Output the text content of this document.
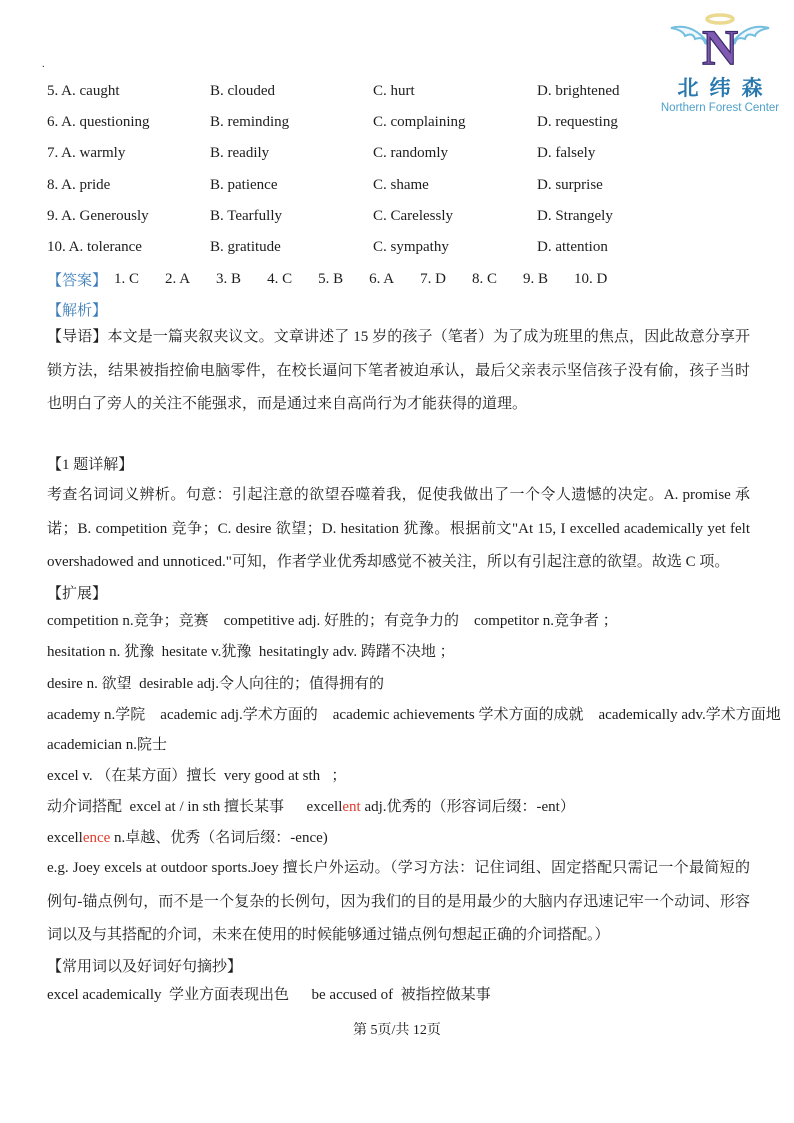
.	N
北纬森
Northern Forest Center
5. A. caught	B. clouded	C. hurt	D. brightened
6. A. questioning	B. reminding	C. complaining	D. requesting
7. A. warmly	B. readily	C. randomly	D. falsely
8. A. pride	B. patience	C. shame	D. surprise
9. A. Generously	B. Tearfully	C. Carelessly	D. Strangely
10. A. tolerance	B. gratitude	C. sympathy	D. attention
【答案】 1. C 2. A 3. B 4. C 5. B 6. A 7. D 8. C 9. B 10. D
【解析】
【导语】本文是一篇夹叙夹议文。文章讲述了 15 岁的孩子（笔者）为了成为班里的焦点，因此故意分享开锁方法，结果被指控偷电脑零件，在校长逼问下笔者被迫承认，最后父亲表示坚信孩子没有偷，孩子当时也明白了旁人的关注不能强求，而是通过来自高尚行为才能获得的道理。
【1 题详解】
考查名词词义辨析。句意：引起注意的欲望吞噬着我，促使我做出了一个令人遗憾的决定。A. promise 承诺；B. competition 竞争；C. desire 欲望；D. hesitation 犹豫。根据前文"At 15, I excelled academically yet felt overshadowed and unnoticed."可知，作者学业优秀却感觉不被关注，所以有引起注意的欲望。故选 C 项。
【扩展】
competition n.竞争；竞赛    competitive adj. 好胜的；有竞争力的    competitor n.竞争者 ；
hesitation n. 犹豫  hesitate v.犹豫  hesitatingly adv. 踌躇不决地 ；
desire n. 欲望  desirable adj.令人向往的；值得拥有的
academy n.学院    academic adj.学术方面的    academic achievements 学术方面的成就    academically adv.学术方面地
academician n.院士
excel v. （在某方面）擅长  very good at sth   ；
动介词搭配  excel at / in sth 擅长某事      excellent adj.优秀的（形容词后缀：-ent）
excellence n.卓越、优秀（名词后缀：-ence)
e.g. Joey excels at outdoor sports.Joey 擅长户外运动。（学习方法：记住词组、固定搭配只需记一个最简短的例句-锚点例句，而不是一个复杂的长例句，因为我们的目的是用最少的大脑内存迅速记牢一个动词、形容词以及与其搭配的介词，未来在使用的时候能够通过锚点例句想起正确的介词搭配。）
【常用词以及好词好句摘抄】
excel academically  学业方面表现出色      be accused of  被指控做某事
第 5页/共 12页
